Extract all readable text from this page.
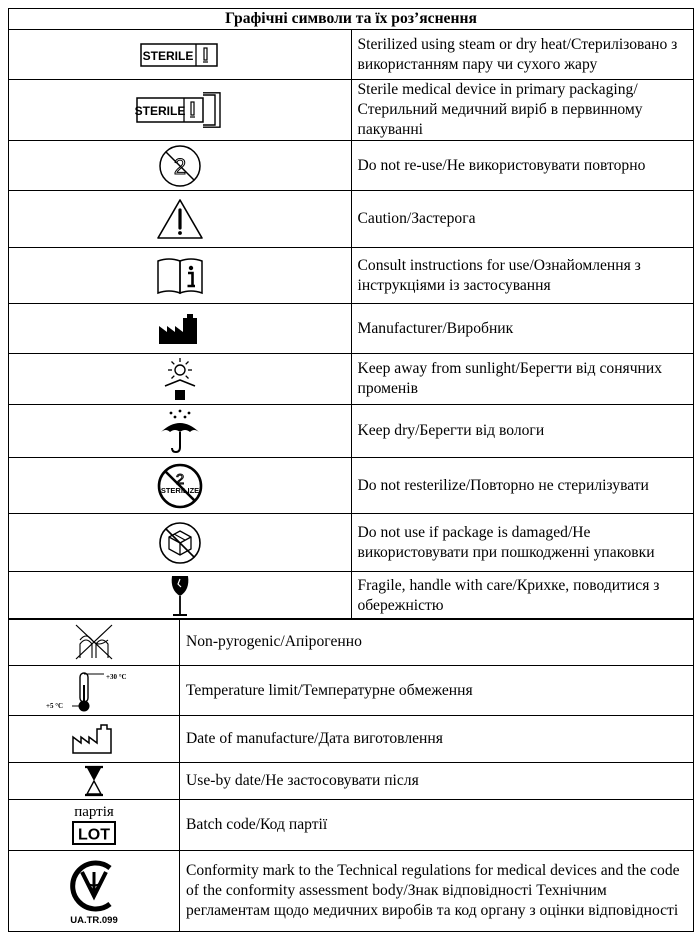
Графічні символи та їх роз’яснення	

STERILE	Sterilized using steam or dry heat/Стерилізовано з використанням пару чи сухого жару

STERILE	Sterile medical device in primary packaging/Стерильний медичний виріб в первинному пакуванні

2	Do not re-use/Не використовувати повторно

	Caution/Застерога

	Consult instructions for use/Ознайомлення з інструкціями із застосування

	Manufacturer/Виробник

	Keep away from sunlight/Берегти від сонячних променів

	Keep dry/Берегти від вологи

2
STERILIZE	Do not resterilize/Повторно не стерилізувати

	Do not use if package is damaged/Не використовувати при пошкодженні упаковки

	Fragile, handle with care/Крихке, поводитися з обережністю
	Non-pyrogenic/Апірогенно

+30 °C
+5 °C	Temperature limit/Температурне обмеження

	Date of manufacture/Дата виготовлення

	Use-by date/Не застосовувати після

партія
LOT	Batch code/Код партії

UA.TR.099	Conformity mark to the Technical regulations for medical devices and the code of the conformity assessment body/Знак відповідності Технічним регламентам щодо медичних виробів та код органу з оцінки відповідності
